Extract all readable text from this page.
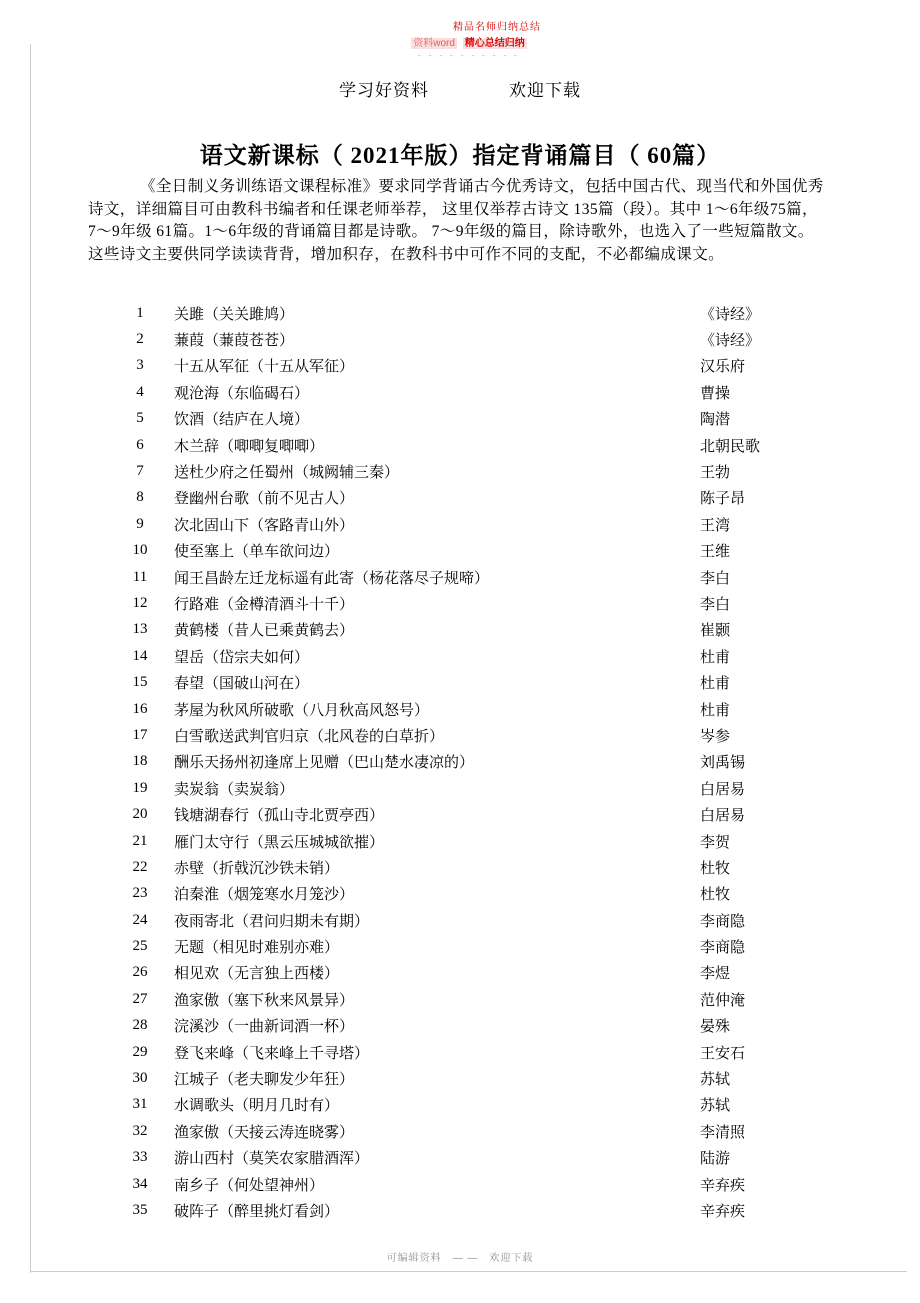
精品名师归纳总结
资料word 精心总结归纳
- - - - - - - - - -
学习好资料	欢迎下载
语文新课标（ 2021年版）指定背诵篇目（ 60篇）
《全日制义务训练语文课程标准》要求同学背诵古今优秀诗文，包括中国古代、现当代和外国优秀
诗文，详细篇目可由教科书编者和任课老师举荐， 这里仅举荐古诗文 135篇（段）。其中 1～6年级75篇，
7～9年级 61篇。1～6年级的背诵篇目都是诗歌。 7～9年级的篇目，除诗歌外，也选入了一些短篇散文。
这些诗文主要供同学读读背背，增加积存，在教科书中可作不同的支配，不必都编成课文。
1	关雎（关关雎鸠）	《诗经》
2	蒹葭（蒹葭苍苍）	《诗经》
3	十五从军征（十五从军征）	汉乐府
4	观沧海（东临碣石）	曹操
5	饮酒（结庐在人境）	陶潜
6	木兰辞（唧唧复唧唧）	北朝民歌
7	送杜少府之任蜀州（城阙辅三秦）	王勃
8	登幽州台歌（前不见古人）	陈子昂
9	次北固山下（客路青山外）	王湾
10	使至塞上（单车欲问边）	王维
11	闻王昌龄左迁龙标遥有此寄（杨花落尽子规啼）	李白
12	行路难（金樽清酒斗十千）	李白
13	黄鹤楼（昔人已乘黄鹤去）	崔颢
14	望岳（岱宗夫如何）	杜甫
15	春望（国破山河在）	杜甫
16	茅屋为秋风所破歌（八月秋高风怒号）	杜甫
17	白雪歌送武判官归京（北风卷的白草折）	岑参
18	酬乐天扬州初逢席上见赠（巴山楚水凄凉的）	刘禹锡
19	卖炭翁（卖炭翁）	白居易
20	钱塘湖春行（孤山寺北贾亭西）	白居易
21	雁门太守行（黑云压城城欲摧）	李贺
22	赤壁（折戟沉沙铁未销）	杜牧
23	泊秦淮（烟笼寒水月笼沙）	杜牧
24	夜雨寄北（君问归期未有期）	李商隐
25	无题（相见时难别亦难）	李商隐
26	相见欢（无言独上西楼）	李煜
27	渔家傲（塞下秋来风景异）	范仲淹
28	浣溪沙（一曲新词酒一杯）	晏殊
29	登飞来峰（飞来峰上千寻塔）	王安石
30	江城子（老夫聊发少年狂）	苏轼
31	水调歌头（明月几时有）	苏轼
32	渔家傲（天接云涛连晓雾）	李清照
33	游山西村（莫笑农家腊酒浑）	陆游
34	南乡子（何处望神州）	辛弃疾
35	破阵子（醉里挑灯看剑）	辛弃疾
可编辑资料　— —　欢迎下载
